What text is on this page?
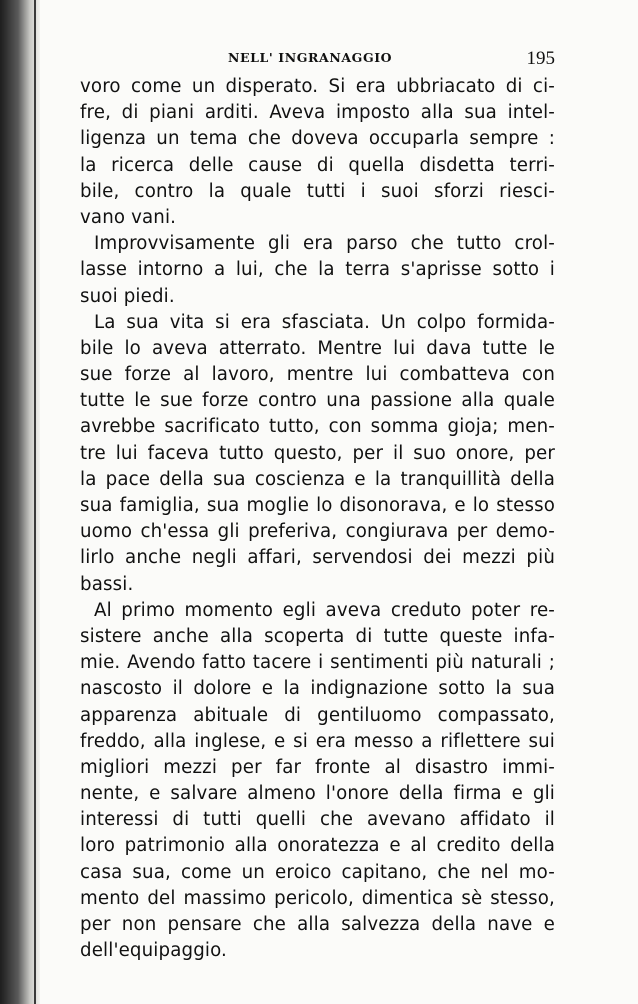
NELL' INGRANAGGIO	195
voro come un disperato. Si era ubbriacato di ci-
fre, di piani arditi. Aveva imposto alla sua intel-
ligenza un tema che doveva occuparla sempre :
la ricerca delle cause di quella disdetta terri-
bile, contro la quale tutti i suoi sforzi riesci-
vano vani.
Improvvisamente gli era parso che tutto crol-
lasse intorno a lui, che la terra s'aprisse sotto i
suoi piedi.
La sua vita si era sfasciata. Un colpo formida-
bile lo aveva atterrato. Mentre lui dava tutte le
sue forze al lavoro, mentre lui combatteva con
tutte le sue forze contro una passione alla quale
avrebbe sacrificato tutto, con somma gioja; men-
tre lui faceva tutto questo, per il suo onore, per
la pace della sua coscienza e la tranquillità della
sua famiglia, sua moglie lo disonorava, e lo stesso
uomo ch'essa gli preferiva, congiurava per demo-
lirlo anche negli affari, servendosi dei mezzi più
bassi.
Al primo momento egli aveva creduto poter re-
sistere anche alla scoperta di tutte queste infa-
mie. Avendo fatto tacere i sentimenti più naturali ;
nascosto il dolore e la indignazione sotto la sua
apparenza abituale di gentiluomo compassato,
freddo, alla inglese, e si era messo a riflettere sui
migliori mezzi per far fronte al disastro immi-
nente, e salvare almeno l'onore della firma e gli
interessi di tutti quelli che avevano affidato il
loro patrimonio alla onoratezza e al credito della
casa sua, come un eroico capitano, che nel mo-
mento del massimo pericolo, dimentica sè stesso,
per non pensare che alla salvezza della nave e
dell'equipaggio.
